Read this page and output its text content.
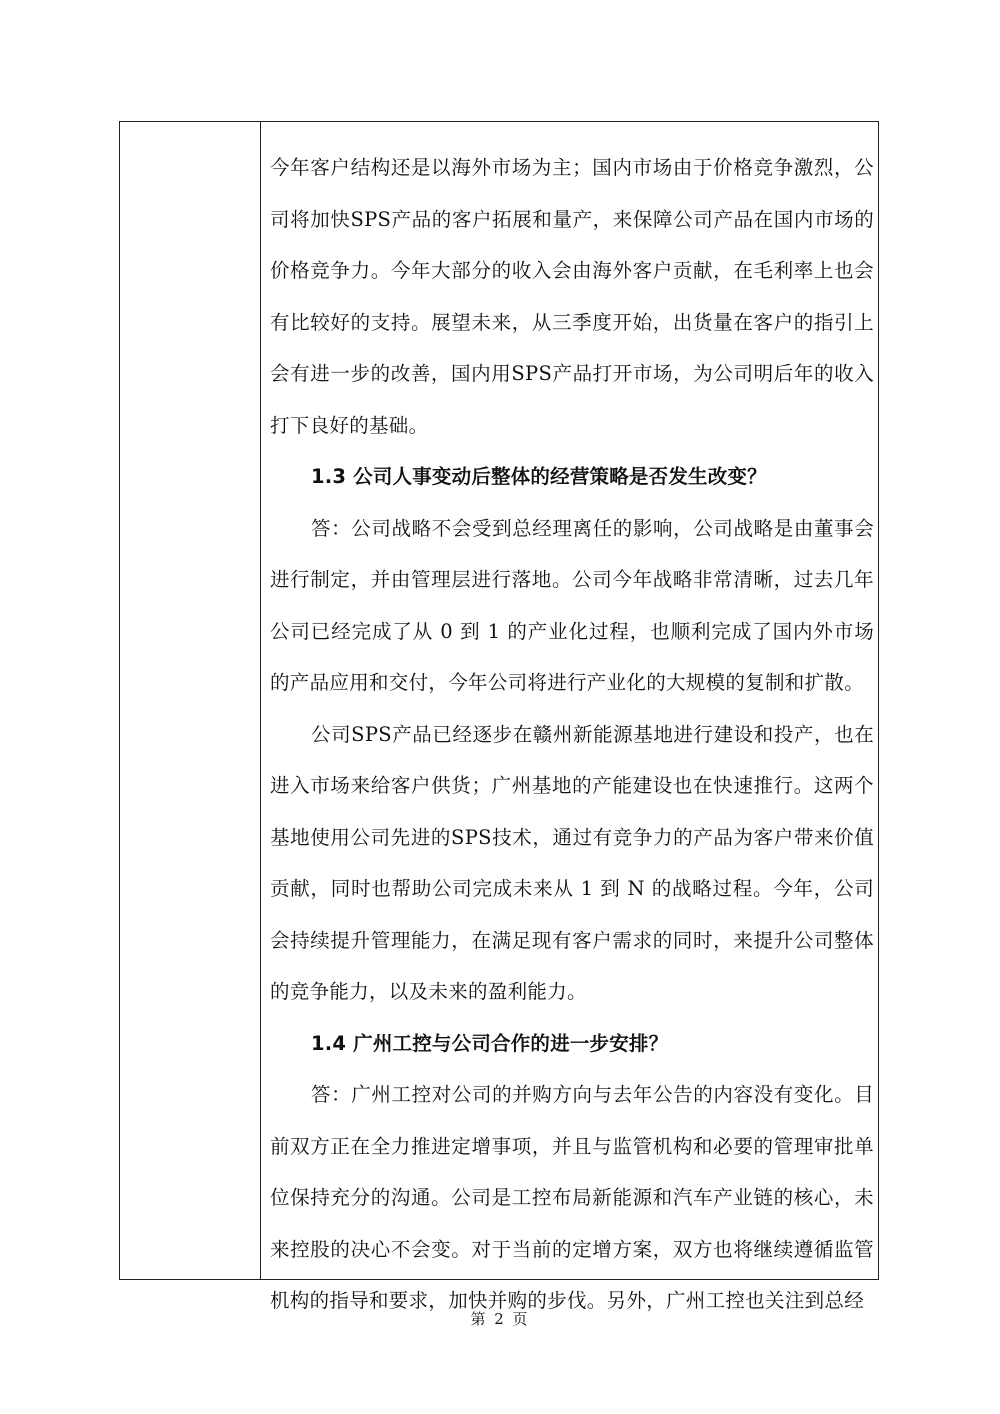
今年客户结构还是以海外市场为主；国内市场由于价格竞争激烈，公司将加快SPS产品的客户拓展和量产，来保障公司产品在国内市场的价格竞争力。今年大部分的收入会由海外客户贡献，在毛利率上也会有比较好的支持。展望未来，从三季度开始，出货量在客户的指引上会有进一步的改善，国内用SPS产品打开市场，为公司明后年的收入打下良好的基础。

1.3 公司人事变动后整体的经营策略是否发生改变？

答：公司战略不会受到总经理离任的影响，公司战略是由董事会进行制定，并由管理层进行落地。公司今年战略非常清晰，过去几年公司已经完成了从 0 到 1 的产业化过程，也顺利完成了国内外市场的产品应用和交付，今年公司将进行产业化的大规模的复制和扩散。

公司SPS产品已经逐步在赣州新能源基地进行建设和投产，也在进入市场来给客户供货；广州基地的产能建设也在快速推行。这两个基地使用公司先进的SPS技术，通过有竞争力的产品为客户带来价值贡献，同时也帮助公司完成未来从 1 到 N 的战略过程。今年，公司会持续提升管理能力，在满足现有客户需求的同时，来提升公司整体的竞争能力，以及未来的盈利能力。

1.4 广州工控与公司合作的进一步安排？

答：广州工控对公司的并购方向与去年公告的内容没有变化。目前双方正在全力推进定增事项，并且与监管机构和必要的管理审批单位保持充分的沟通。公司是工控布局新能源和汽车产业链的核心，未来控股的决心不会变。对于当前的定增方案，双方也将继续遵循监管机构的指导和要求，加快并购的步伐。另外，广州工控也关注到总经

第 2 页
